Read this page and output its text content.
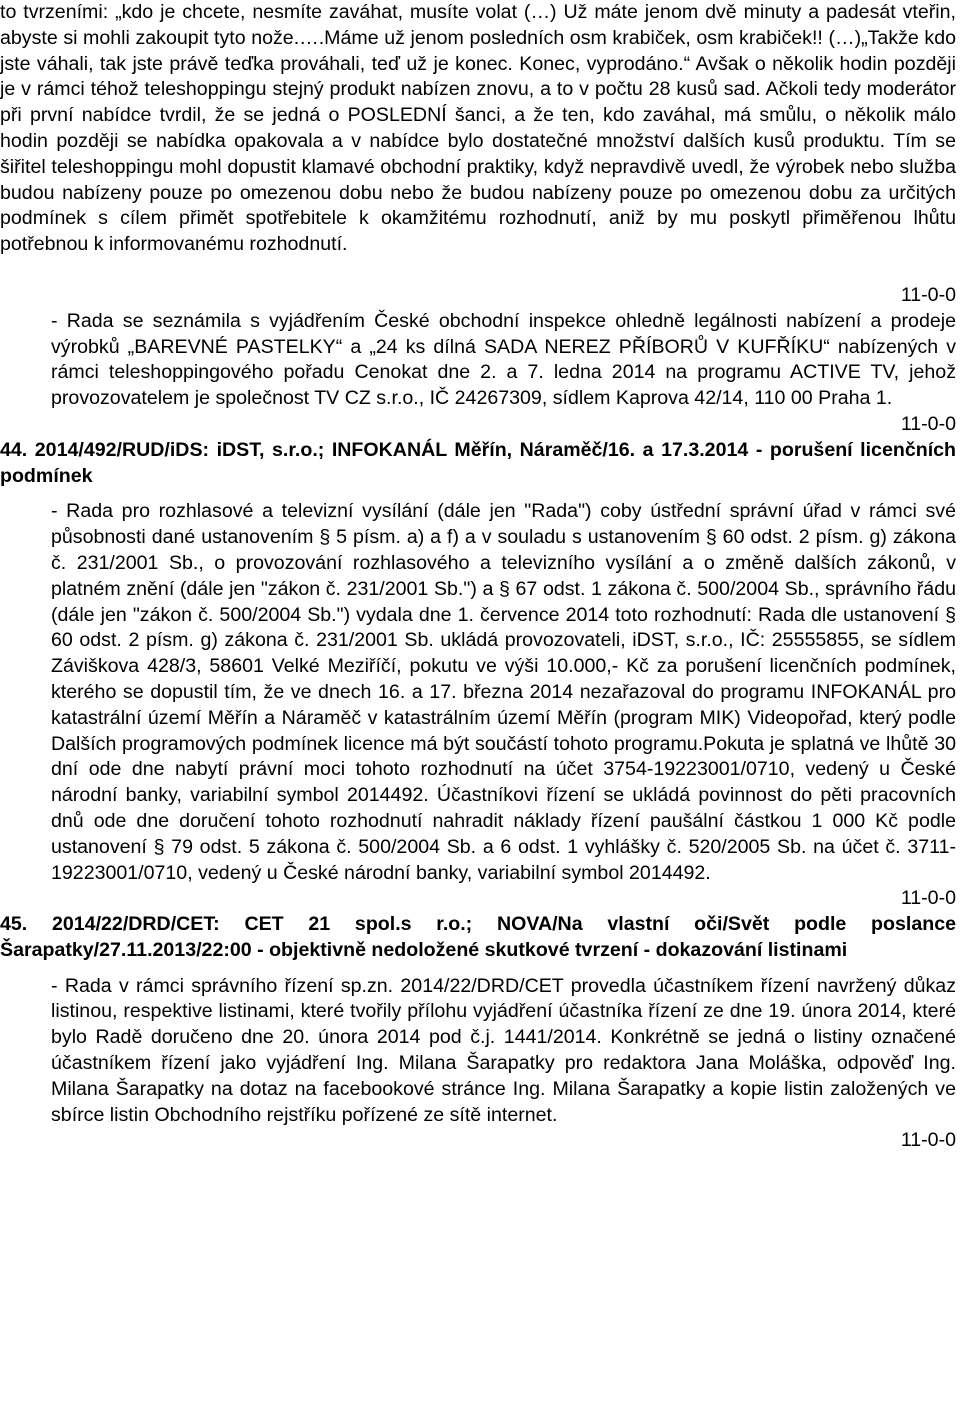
to tvrzeními: „kdo je chcete, nesmíte zaváhat, musíte volat (…) Už máte jenom dvě minuty a padesát vteřin, abyste si mohli zakoupit tyto nože.….Máme už jenom posledních osm krabiček, osm krabiček!! (…)„Takže kdo jste váhali, tak jste právě teďka prováhali, teď už je konec. Konec, vyprodáno.“ Avšak o několik hodin později je v rámci téhož teleshoppingu stejný produkt nabízen znovu, a to v počtu 28 kusů sad. Ačkoli tedy moderátor při první nabídce tvrdil, že se jedná o POSLEDNÍ šanci, a že ten, kdo zaváhal, má smůlu, o několik málo hodin později se nabídka opakovala a v nabídce bylo dostatečné množství dalších kusů produktu. Tím se šiřitel teleshoppingu mohl dopustit klamavé obchodní praktiky, když nepravdivě uvedl, že výrobek nebo služba budou nabízeny pouze po omezenou dobu nebo že budou nabízeny pouze po omezenou dobu za určitých podmínek s cílem přimět spotřebitele k okamžitému rozhodnutí, aniž by mu poskytl přiměřenou lhůtu potřebnou k informovanému rozhodnutí.

11-0-0

- Rada se seznámila s vyjádřením České obchodní inspekce ohledně legálnosti nabízení a prodeje výrobků „BAREVNÉ PASTELKY“ a „24 ks dílná SADA NEREZ PŘÍBORŮ V KUFŘÍKU“ nabízených v rámci teleshoppingového pořadu Cenokat dne 2. a 7. ledna 2014 na programu ACTIVE TV, jehož provozovatelem je společnost TV CZ s.r.o., IČ 24267309, sídlem Kaprova 42/14, 110 00 Praha 1.

11-0-0

44. 2014/492/RUD/iDS: iDST, s.r.o.; INFOKANÁL Měřín, Náraměč/16. a 17.3.2014 - porušení licenčních podmínek

- Rada pro rozhlasové a televizní vysílání (dále jen "Rada") coby ústřední správní úřad v rámci své působnosti dané ustanovením § 5 písm. a) a f) a v souladu s ustanovením § 60 odst. 2 písm. g) zákona č. 231/2001 Sb., o provozování rozhlasového a televizního vysílání a o změně dalších zákonů, v platném znění (dále jen "zákon č. 231/2001 Sb.") a § 67 odst. 1 zákona č. 500/2004 Sb., správního řádu (dále jen "zákon č. 500/2004 Sb.") vydala dne 1. července 2014 toto rozhodnutí: Rada dle ustanovení § 60 odst. 2 písm. g) zákona č. 231/2001 Sb. ukládá provozovateli, iDST, s.r.o., IČ: 25555855, se sídlem Záviškova 428/3, 58601 Velké Meziříčí, pokutu ve výši 10.000,- Kč za porušení licenčních podmínek, kterého se dopustil tím, že ve dnech 16. a 17. března 2014 nezařazoval do programu INFOKANÁL pro katastrální území Měřín a Náraměč v katastrálním území Měřín (program MIK) Videopořad, který podle Dalších programových podmínek licence má být součástí tohoto programu.Pokuta je splatná ve lhůtě 30 dní ode dne nabytí právní moci tohoto rozhodnutí na účet 3754-19223001/0710, vedený u České národní banky, variabilní symbol 2014492. Účastníkovi řízení se ukládá povinnost do pěti pracovních dnů ode dne doručení tohoto rozhodnutí nahradit náklady řízení paušální částkou 1 000 Kč podle ustanovení § 79 odst. 5 zákona č. 500/2004 Sb. a 6 odst. 1 vyhlášky č. 520/2005 Sb. na účet č. 3711-19223001/0710, vedený u České národní banky, variabilní symbol 2014492.

11-0-0

45. 2014/22/DRD/CET: CET 21 spol.s r.o.; NOVA/Na vlastní oči/Svět podle poslance Šarapatky/27.11.2013/22:00 - objektivně nedoložené skutkové tvrzení - dokazování listinami

- Rada v rámci správního řízení sp.zn. 2014/22/DRD/CET provedla účastníkem řízení navržený důkaz listinou, respektive listinami, které tvořily přílohu vyjádření účastníka řízení ze dne 19. února 2014, které bylo Radě doručeno dne 20. února 2014 pod č.j. 1441/2014. Konkrétně se jedná o listiny označené účastníkem řízení jako vyjádření Ing. Milana Šarapatky pro redaktora Jana Moláška, odpověď Ing. Milana Šarapatky na dotaz na facebookové stránce Ing. Milana Šarapatky a kopie listin založených ve sbírce listin Obchodního rejstříku pořízené ze sítě internet.

11-0-0
